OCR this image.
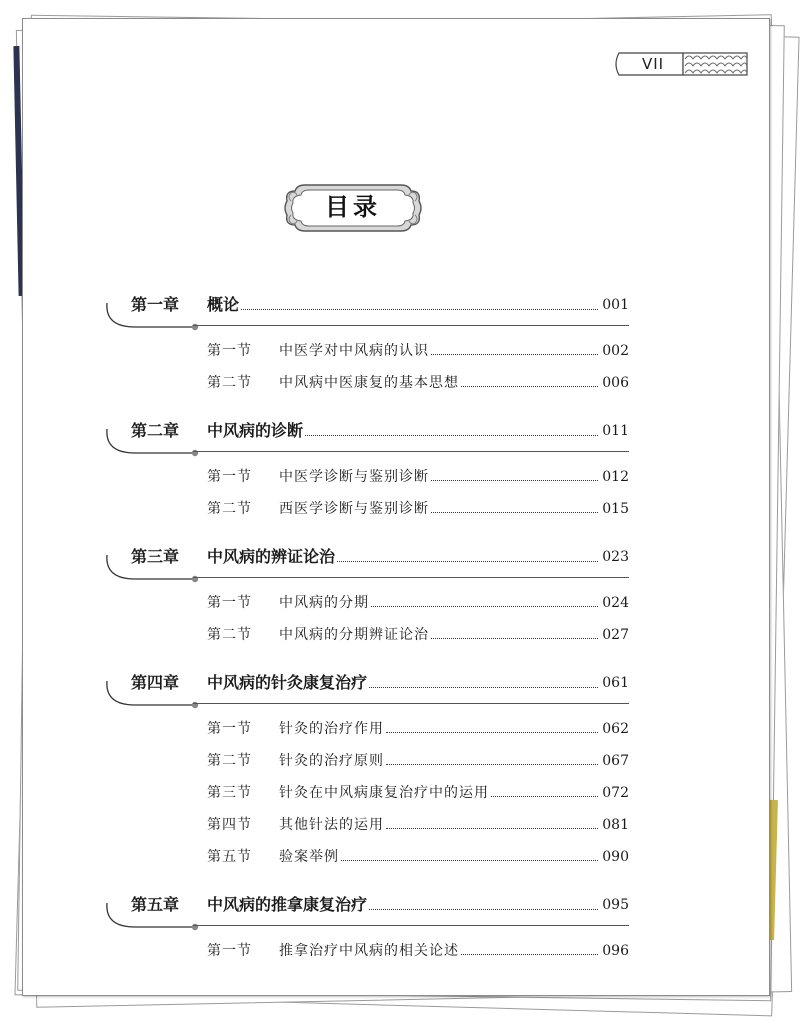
VII
目录
第一章	概论	001
第一节	中医学对中风病的认识	002
第二节	中风病中医康复的基本思想	006
第二章	中风病的诊断	011
第一节	中医学诊断与鉴别诊断	012
第二节	西医学诊断与鉴别诊断	015
第三章	中风病的辨证论治	023
第一节	中风病的分期	024
第二节	中风病的分期辨证论治	027
第四章	中风病的针灸康复治疗	061
第一节	针灸的治疗作用	062
第二节	针灸的治疗原则	067
第三节	针灸在中风病康复治疗中的运用	072
第四节	其他针法的运用	081
第五节	验案举例	090
第五章	中风病的推拿康复治疗	095
第一节	推拿治疗中风病的相关论述	096
